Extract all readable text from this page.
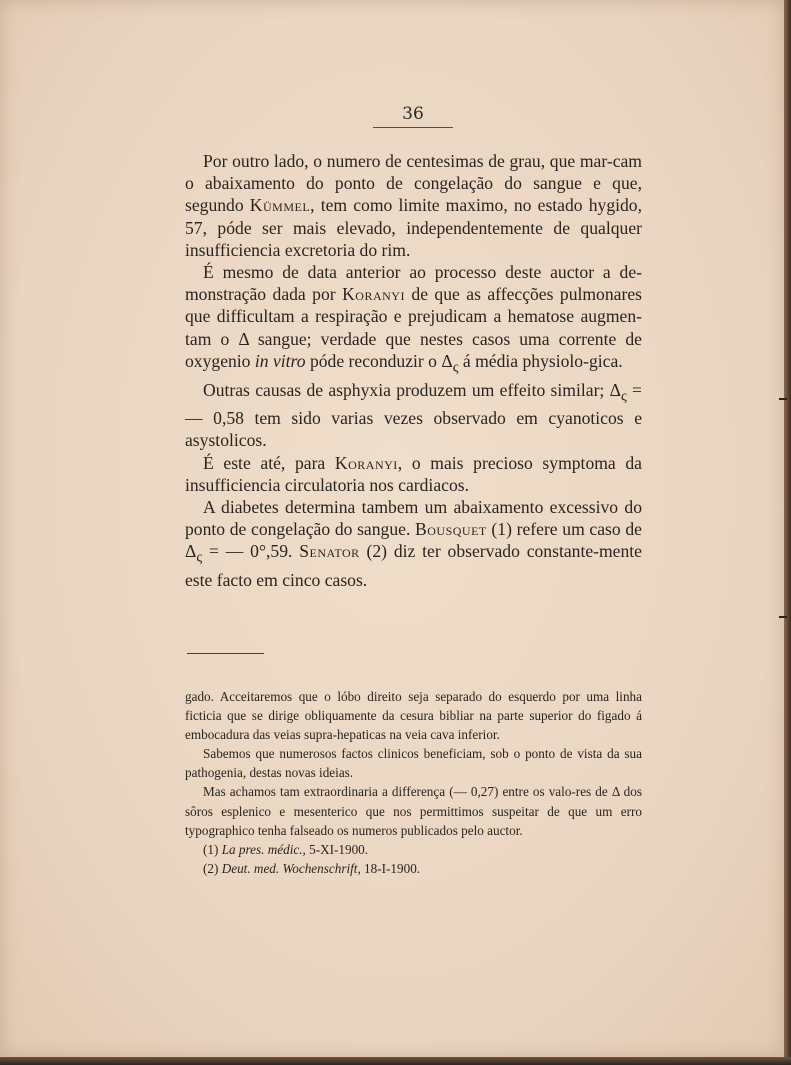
36

Por outro lado, o numero de centesimas de grau, que mar-cam o abaixamento do ponto de congelação do sangue e que, segundo Kümmel, tem como limite maximo, no estado hygido, 57, póde ser mais elevado, independentemente de qualquer insufficiencia excretoria do rim.

É mesmo de data anterior ao processo deste auctor a de-monstração dada por Koranyi de que as affecções pulmonares que difficultam a respiração e prejudicam a hematose augmen-tam o Δ sangue; verdade que nestes casos uma corrente de oxygenio in vitro póde reconduzir o $\Delta_\varsigma$ á média physiolo-gica.

Outras causas de asphyxia produzem um effeito similar; $\Delta_\varsigma$ = — 0,58 tem sido varias vezes observado em cyanoticos e asystolicos.

É este até, para Koranyi, o mais precioso symptoma da insufficiencia circulatoria nos cardiacos.

A diabetes determina tambem um abaixamento excessivo do ponto de congelação do sangue. Bousquet (1) refere um caso de $\Delta_\varsigma$ = — 0°,59. Senator (2) diz ter observado constante-mente este facto em cinco casos.

gado. Acceitaremos que o lóbo direito seja separado do esquerdo por uma linha ficticia que se dirige obliquamente da cesura bibliar na parte superior do figado á embocadura das veias supra-hepaticas na veia cava inferior.

Sabemos que numerosos factos clinicos beneficiam, sob o ponto de vista da sua pathogenia, destas novas ideias.

Mas achamos tam extraordinaria a differença (— 0,27) entre os valo-res de Δ dos sôros esplenico e mesenterico que nos permittimos suspeitar de que um erro typographico tenha falseado os numeros publicados pelo auctor.

(1) La pres. médic., 5-XI-1900.

(2) Deut. med. Wochenschrift, 18-I-1900.
